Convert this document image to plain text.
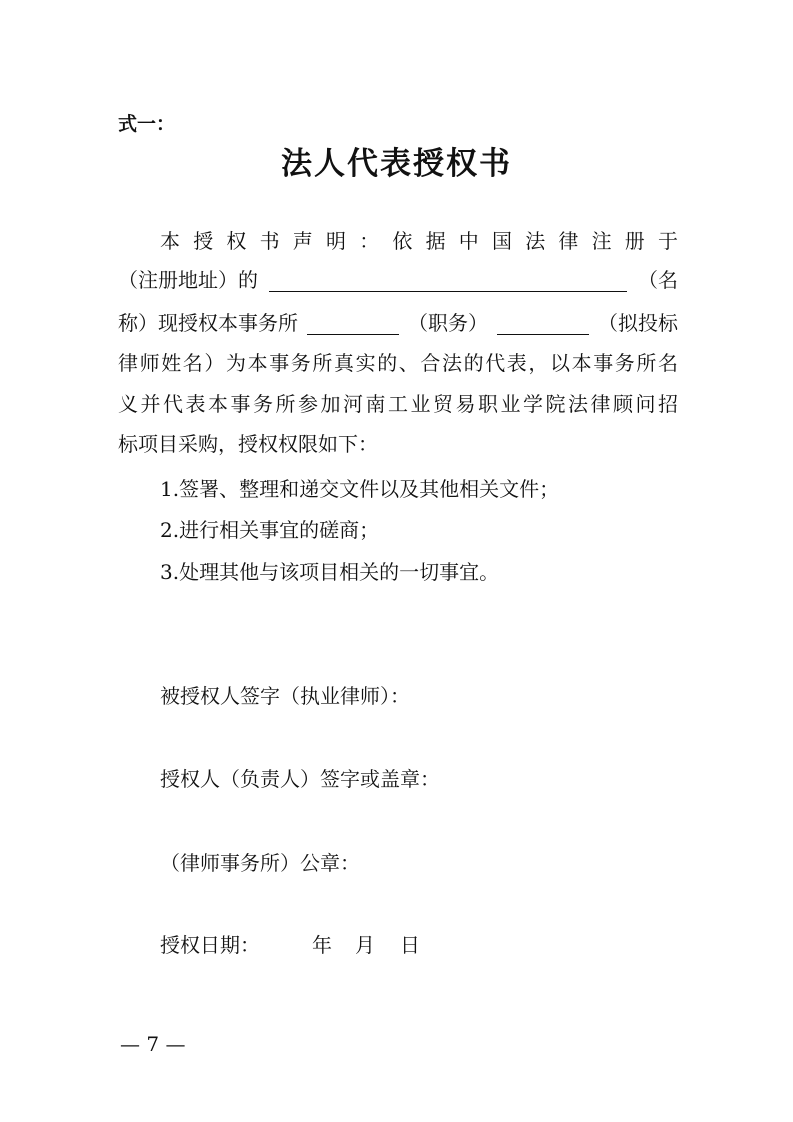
式一：
法人代表授权书
本授权书声明：依据中国法律注册于
（注册地址）的	（名
称）现授权本事务所	（职务）	（拟投标
律师姓名）为本事务所真实的、合法的代表，以本事务所名
义并代表本事务所参加河南工业贸易职业学院法律顾问招
标项目采购，授权权限如下：
1.签署、整理和递交文件以及其他相关文件；
2.进行相关事宜的磋商；
3.处理其他与该项目相关的一切事宜。
被授权人签字（执业律师）：
授权人（负责人）签字或盖章：
（律师事务所）公章：
授权日期：	年 月 日
— 7 —
